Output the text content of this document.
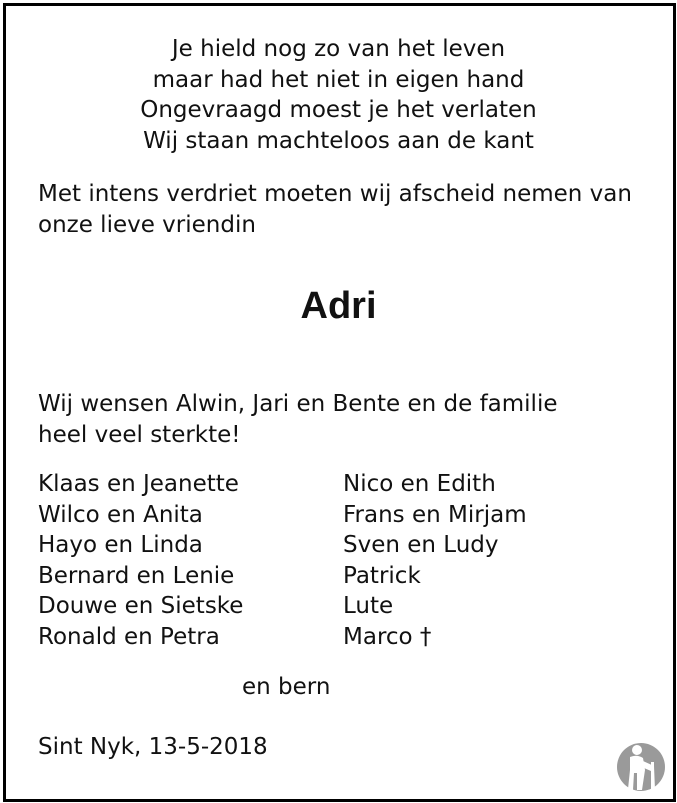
Je hield nog zo van het leven
maar had het niet in eigen hand
Ongevraagd moest je het verlaten
Wij staan machteloos aan de kant
Met intens verdriet moeten wij afscheid nemen van
onze lieve vriendin
Adri
Wij wensen Alwin, Jari en Bente en de familie
heel veel sterkte!
Klaas en Jeanette
Wilco en Anita
Hayo en Linda
Bernard en Lenie
Douwe en Sietske
Ronald en Petra
Nico en Edith
Frans en Mirjam
Sven en Ludy
Patrick
Lute
Marco †
en bern
Sint Nyk, 13-5-2018
